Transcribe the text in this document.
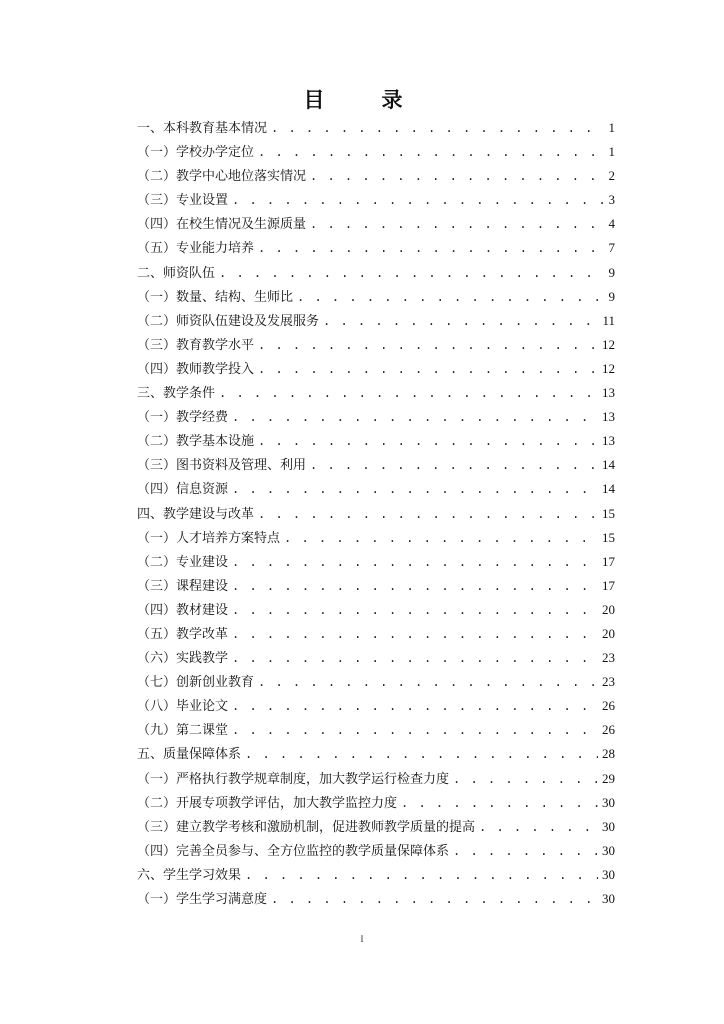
目　录
一、本科教育基本情况 . . .	1
（一）学校办学定位 . . .	1
（二）教学中心地位落实情况 . . .	2
（三）专业设置 . . .	3
（四）在校生情况及生源质量 . . .	4
（五）专业能力培养 . . .	7
二、师资队伍 . . .	9
（一）数量、结构、生师比 . . .	9
（二）师资队伍建设及发展服务 . . .	11
（三）教育教学水平 . . .	12
（四）教师教学投入 . . .	12
三、教学条件 . . .	13
（一）教学经费 . . .	13
（二）教学基本设施 . . .	13
（三）图书资料及管理、利用 . . .	14
（四）信息资源 . . .	14
四、教学建设与改革 . . .	15
（一）人才培养方案特点 . . .	15
（二）专业建设 . . .	17
（三）课程建设 . . .	17
（四）教材建设 . . .	20
（五）教学改革 . . .	20
（六）实践教学 . . .	23
（七）创新创业教育 . . .	23
（八）毕业论文 . . .	26
（九）第二课堂 . . .	26
五、质量保障体系 . . .	28
（一）严格执行教学规章制度，加大教学运行检查力度 . . .	29
（二）开展专项教学评估，加大教学监控力度 . . .	30
（三）建立教学考核和激励机制，促进教师教学质量的提高 . . .	30
（四）完善全员参与、全方位监控的教学质量保障体系 . . .	30
六、学生学习效果 . . .	30
（一）学生学习满意度 . . .	30
I
